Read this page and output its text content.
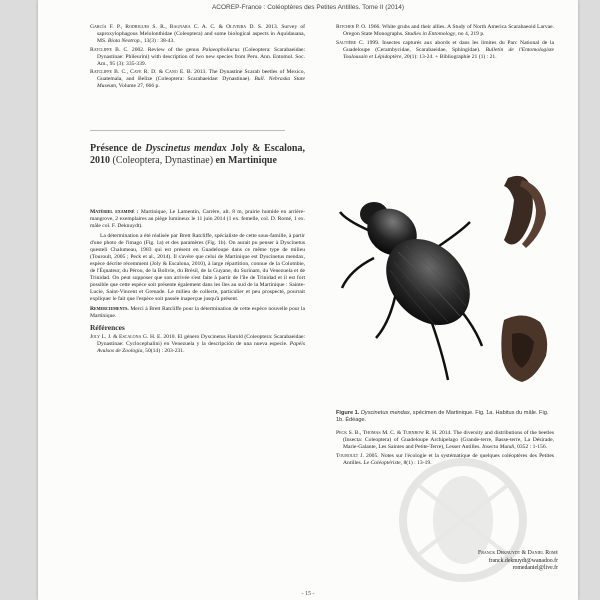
ACOREP-France : Coléoptères des Petites Antilles. Tome II (2014)

García F. P., Rodrigues S. R., Bagnara C. A. C. & Oliveira D. S. 2013. Survey of saproxylophagous Melolonthidae (Coleoptera) and some biological aspects in Aquidauana, MS. Biota Neotrop., 13(3) : 38-43.

Ratcliffe B. C. 2002. Review of the genus Palaeopholiurus (Coleoptera: Scarabaeidae: Dynastinae: Phileurini) with description of two new species from Peru. Ann. Entomol. Soc. Am., 95 (3): 335-339.

Ratcliffe B. C., Cave R. D. & Cano E. B. 2013. The Dynastine Scarab beetles of Mexico, Guatemala, and Belize (Coleoptera: Scarabaeidae: Dynastinae). Bull. Nebraska State Museum, Volume 27, 666 p.

Ritcher P. O. 1966. White grubs and their allies. A Study of North America Scarabaeoid Larvae. Oregon State Monographs. Studies in Entomology, no 4, 219 p.

Sautière C. 1999. Insectes capturés aux abords et dans les limites du Parc National de la Guadeloupe (Cerambycidae, Scarabaeidae, Sphingidae). Bulletin de l'Entomologiste Toulousain et Lépidoptère, 20(1): 13-24. + Bibliographie 21 (1) : 21.

Présence de Dyscinetus mendax Joly & Escalona, 2010 (Coleoptera, Dynastinae) en Martinique

Matériel examiné : Martinique, Le Lamentin, Carrère, alt. 8 m, prairie humide en arrière-mangrove, 2 exemplaires au piège lumineux le 11 juin 2014 (1 ex. femelle, col. D. Romé, 1 ex. mâle col. F. Deknuydt).

La détermination a été réalisée par Brett Ratcliffe, spécialiste de cette sous-famille, à partir d'une photo de l'imago (Fig. 1a) et des paramères (Fig. 1b). On aurait pu penser à Dyscinetus questeli Chalumeau, 1983 qui est présent en Guadeloupe dans ce même type de milieu (Touroult, 2005 ; Peck et al., 2014). Il s'avère que celui de Martinique est Dyscinetus mendax, espèce décrite récemment (Joly & Escalona, 2010), à large répartition, connue de la Colombie, de l'Équateur, du Pérou, de la Bolivie, du Brésil, de la Guyane, du Surinam, du Venezuela et de Trinidad. On peut supposer que son arrivée s'est faite à partir de l'île de Trinidad et il est fort possible que cette espèce soit présente également dans les îles au sud de la Martinique : Sainte-Lucie, Saint-Vincent et Grenade. Le milieu de collecte, particulier et peu prospecté, pourrait expliquer le fait que l'espèce soit passée inaperçue jusqu'à présent.

Remerciements. Merci à Brett Ratcliffe pour la détermination de cette espèce nouvelle pour la Martinique.

Références

Joly L. J. & Escalona G. H. E. 2010. El género Dyscinetus Harold (Coleoptera: Scarabaeidae: Dynastinae: Cyclocephalini) en Venezuela y la descripción de una nueva especie. Papéis Avulsos de Zoologia, 50(14) : 203-231.

Figure 1. Dyscinetus mendax, spécimen de Martinique. Fig. 1a. Habitus du mâle. Fig. 1b. Édéage.

Peck S. B., Thomas M. C. & Turnbow R. H. 2014. The diversity and distributions of the beetles (Insecta: Coleoptera) of Guadeloupe Archipelago (Grande-terre, Basse-terre, La Désirade, Marie-Galante, Les Saintes and Petite-Terre), Lesser Antilles. Insecta Mundi, 0352 : 1-156.

Touroult J. 2005. Notes sur l'écologie et la systématique de quelques coléoptères des Petites Antilles. Le Coléoptériste, 8(1) : 13-19.

Franck Deknuydt & Daniel Romé
franck.deknuydt@wanadoo.fr
romedaniel@live.fr
- 15 -
